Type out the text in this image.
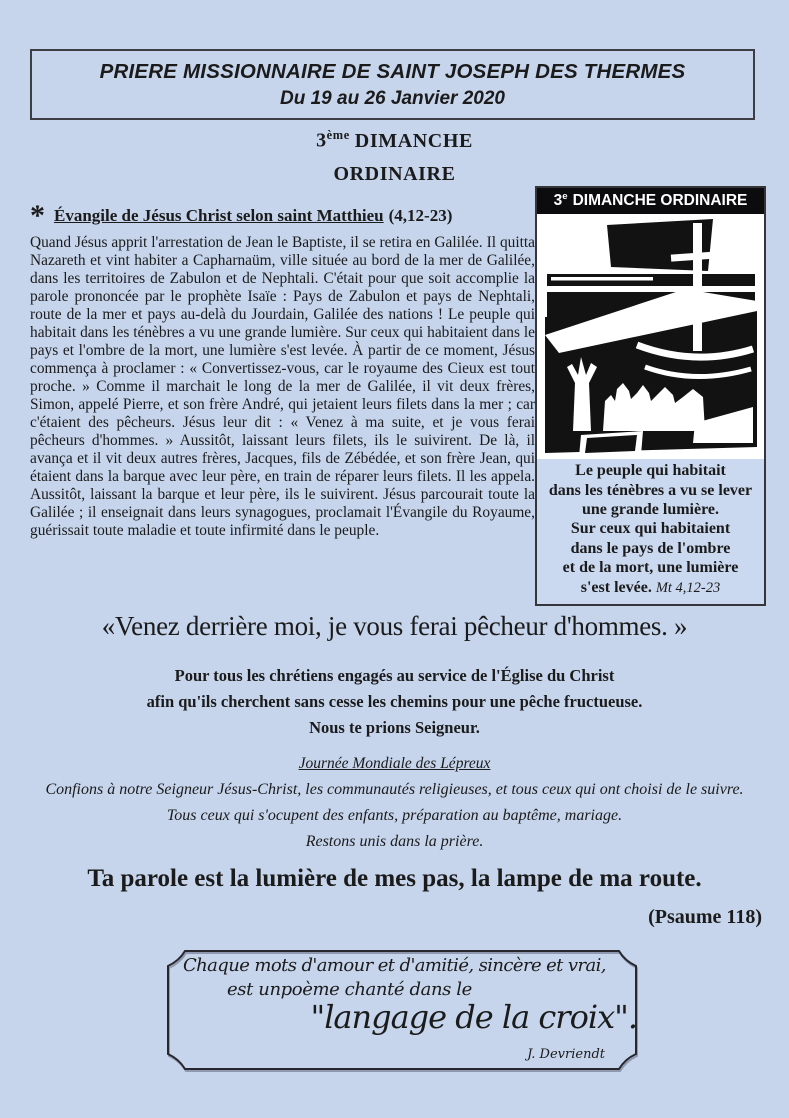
PRIERE MISSIONNAIRE DE SAINT JOSEPH DES THERMES
Du 19 au 26 Janvier 2020
3ème DIMANCHE
ORDINAIRE
* Évangile de Jésus Christ selon saint Matthieu (4,12-23)

Quand Jésus apprit l'arrestation de Jean le Baptiste, il se retira en Galilée. Il quitta Nazareth et vint habiter a Capharnaüm, ville située au bord de la mer de Galilée, dans les territoires de Zabulon et de Nephtali. C'était pour que soit accomplie la parole prononcée par le prophète Isaïe : Pays de Zabulon et pays de Nephtali, route de la mer et pays au-delà du Jourdain, Galilée des nations ! Le peuple qui habitait dans les ténèbres a vu une grande lumière. Sur ceux qui habitaient dans le pays et l'ombre de la mort, une lumière s'est levée. À partir de ce moment, Jésus commença à proclamer : « Convertissez-vous, car le royaume des Cieux est tout proche. » Comme il marchait le long de la mer de Galilée, il vit deux frères, Simon, appelé Pierre, et son frère André, qui jetaient leurs filets dans la mer ; car c'étaient des pêcheurs. Jésus leur dit : « Venez à ma suite, et je vous ferai pêcheurs d'hommes. » Aussitôt, laissant leurs filets, ils le suivirent. De là, il avança et il vit deux autres frères, Jacques, fils de Zébédée, et son frère Jean, qui étaient dans la barque avec leur père, en train de réparer leurs filets. Il les appela. Aussitôt, laissant la barque et leur père, ils le suivirent. Jésus parcourait toute la Galilée ; il enseignait dans leurs synagogues, proclamait l'Évangile du Royaume, guérissait toute maladie et toute infirmité dans le peuple.

3e DIMANCHE ORDINAIRE
Le peuple qui habitait
dans les ténèbres a vu se lever
une grande lumière.
Sur ceux qui habitaient
dans le pays de l'ombre
et de la mort, une lumière
s'est levée. Mt 4,12-23
«Venez derrière moi, je vous ferai pêcheur d'hommes. »
Pour tous les chrétiens engagés au service de l'Église du Christ
afin qu'ils cherchent sans cesse les chemins pour une pêche fructueuse.
Nous te prions Seigneur.
Journée Mondiale des Lépreux
Confions à notre Seigneur Jésus-Christ, les communautés religieuses, et tous ceux qui ont choisi de le suivre.
Tous ceux qui s'ocupent des enfants, préparation au baptême, mariage.
Restons unis dans la prière.
Ta parole est la lumière de mes pas, la lampe de ma route.
(Psaume 118)
Chaque mots d'amour et d'amitié, sincère et vrai,
est unpoème chanté dans le
"langage de la croix".
J. Devriendt
